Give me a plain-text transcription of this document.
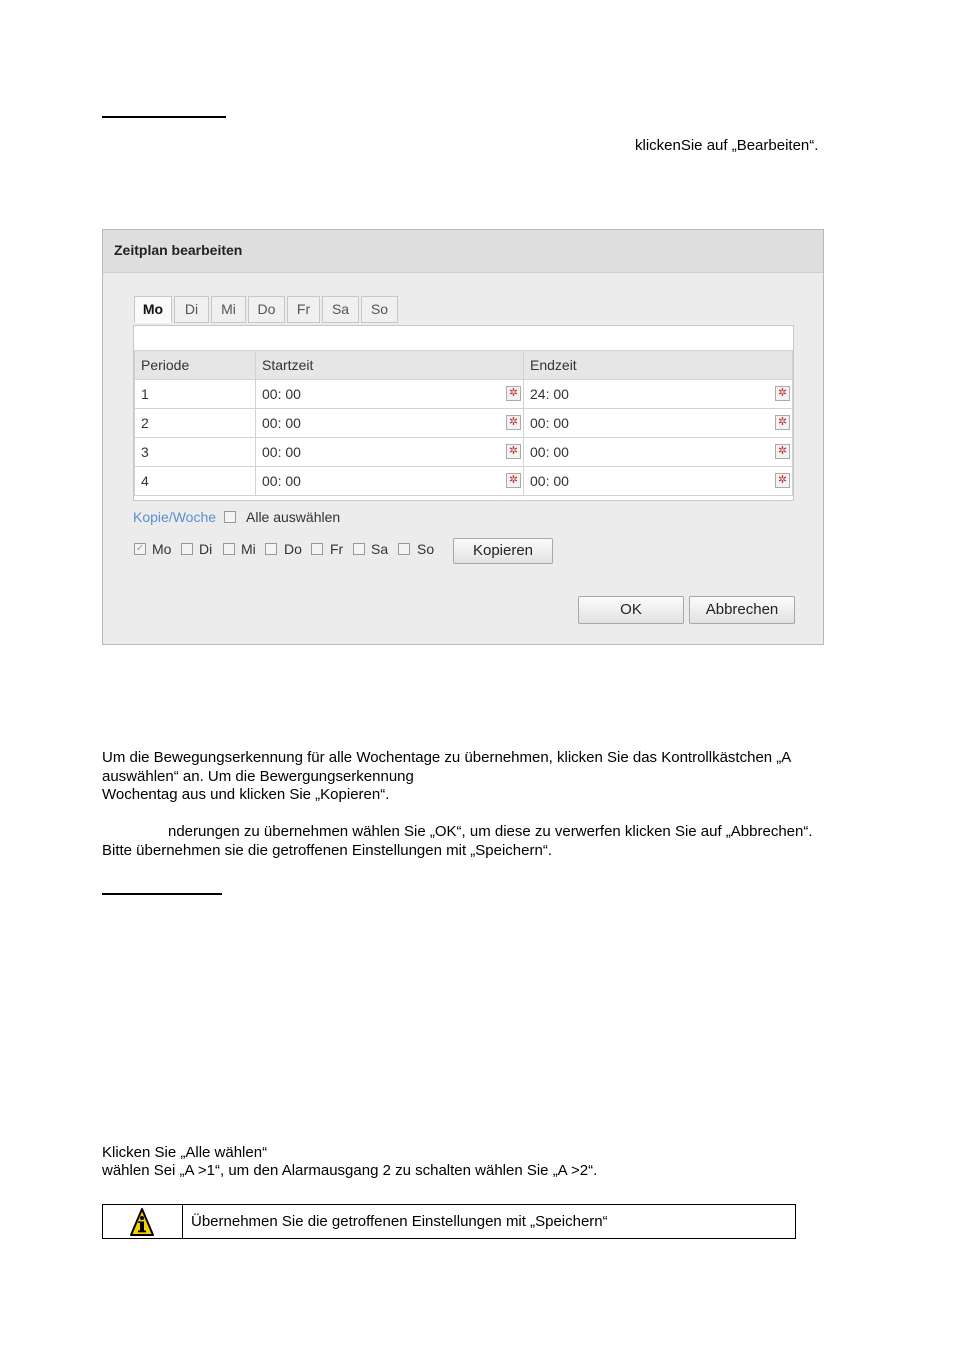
klickenSie auf „Bearbeiten“.
Zeitplan bearbeiten
Mo	Di	Mi	Do	Fr	Sa	So
Periode	Startzeit	Endzeit
1	00: 00 ✲	24: 00 ✲

2	00: 00 ✲	00: 00 ✲

3	00: 00 ✲	00: 00 ✲

4	00: 00 ✲	00: 00 ✲
Kopie/Woche Alle auswählen
✓ Mo Di Mi Do Fr Sa So	Kopieren
OK	Abbrechen
Um die Bewegungserkennung für alle Wochentage zu übernehmen, klicken Sie das Kontrollkästchen „A
auswählen“ an. Um die Bewergungserkennung
Wochentag aus und klicken Sie „Kopieren“.
nderungen zu übernehmen wählen Sie „OK“, um diese zu verwerfen klicken Sie auf „Abbrechen“.
Bitte übernehmen sie die getroffenen Einstellungen mit „Speichern“.
Klicken Sie „Alle wählen“
wählen Sei „A >1“, um den Alarmausgang 2 zu schalten wählen Sie „A >2“.
Übernehmen Sie die getroffenen Einstellungen mit „Speichern“
